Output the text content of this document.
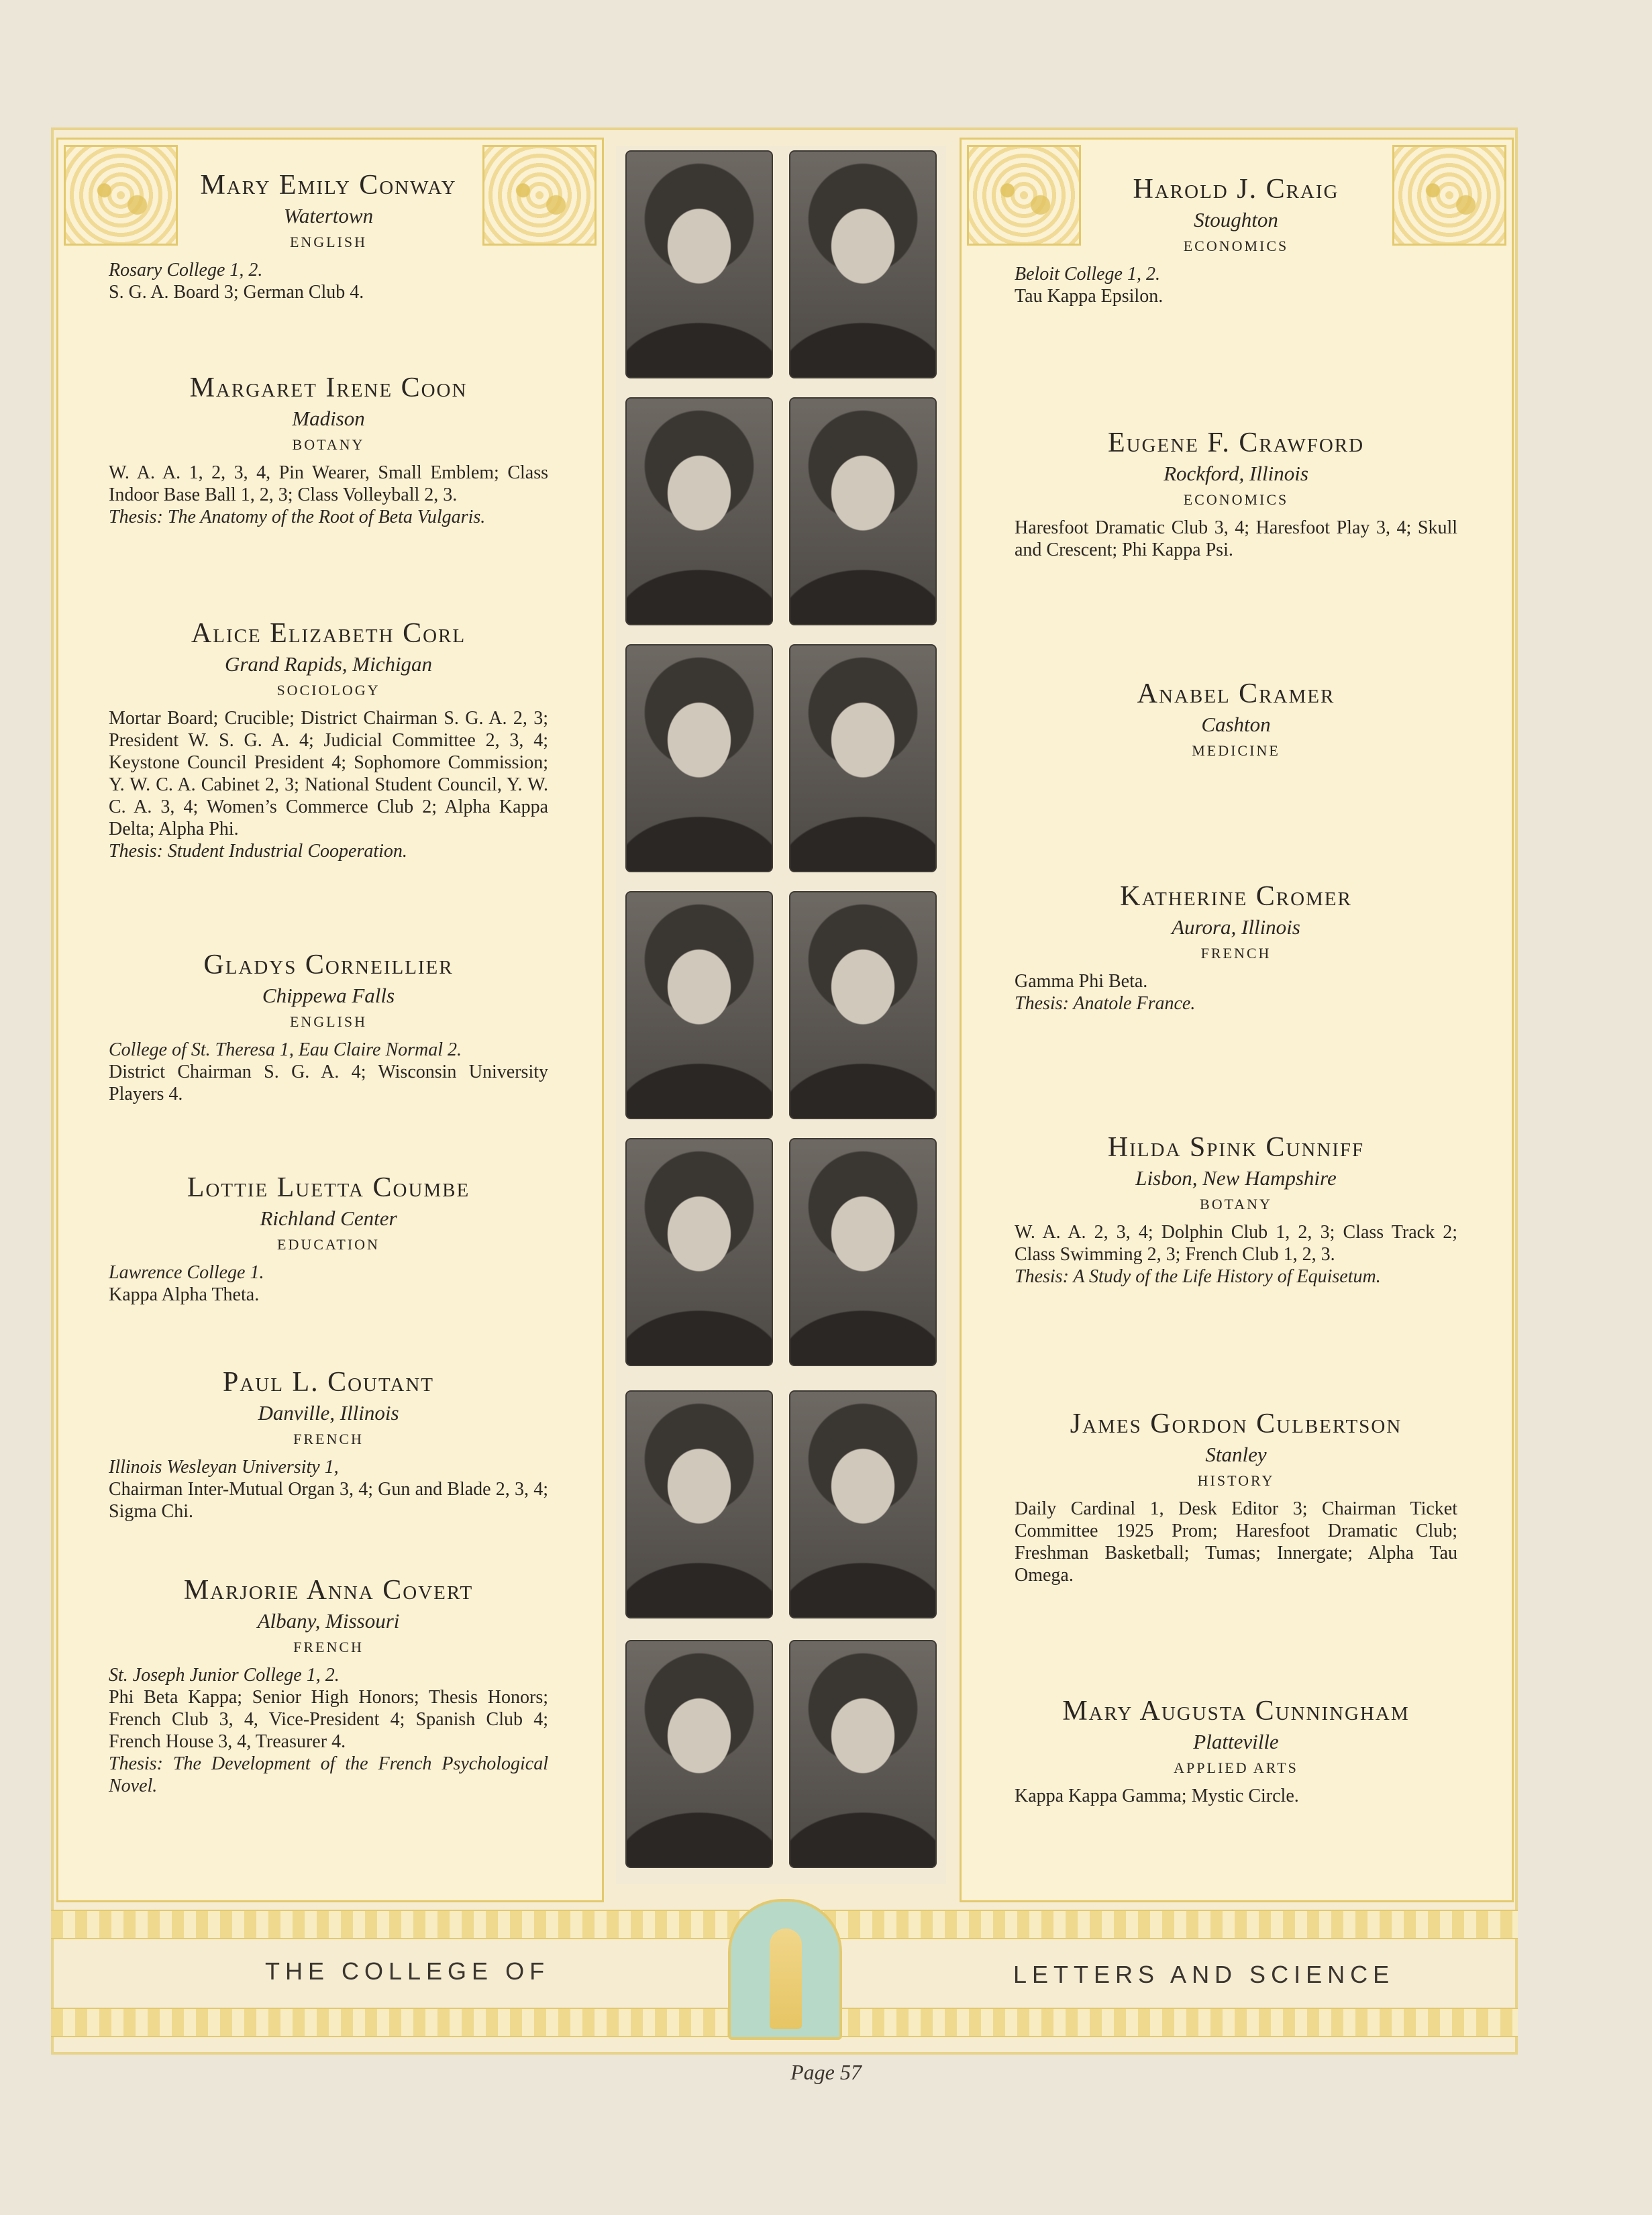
Mary Emily Conway

Watertown

ENGLISH

Rosary College 1, 2.

S. G. A. Board 3; German Club 4.

Margaret Irene Coon

Madison

BOTANY

W. A. A. 1, 2, 3, 4, Pin Wearer, Small Emblem; Class Indoor Base Ball 1, 2, 3; Class Volleyball 2, 3.

Thesis: The Anatomy of the Root of Beta Vulgaris.

Alice Elizabeth Corl

Grand Rapids, Michigan

SOCIOLOGY

Mortar Board; Crucible; District Chairman S. G. A. 2, 3; President W. S. G. A. 4; Judicial Committee 2, 3, 4; Keystone Council President 4; Sophomore Commission; Y. W. C. A. Cabinet 2, 3; National Student Council, Y. W. C. A. 3, 4; Women’s Commerce Club 2; Alpha Kappa Delta; Alpha Phi.

Thesis: Student Industrial Cooperation.

Gladys Corneillier

Chippewa Falls

ENGLISH

College of St. Theresa 1, Eau Claire Normal 2.

District Chairman S. G. A. 4; Wisconsin University Players 4.

Lottie Luetta Coumbe

Richland Center

EDUCATION

Lawrence College 1.

Kappa Alpha Theta.

Paul L. Coutant

Danville, Illinois

FRENCH

Illinois Wesleyan University 1,

Chairman Inter-Mutual Organ 3, 4; Gun and Blade 2, 3, 4; Sigma Chi.

Marjorie Anna Covert

Albany, Missouri

FRENCH

St. Joseph Junior College 1, 2.

Phi Beta Kappa; Senior High Honors; Thesis Honors; French Club 3, 4, Vice-President 4; Spanish Club 4; French House 3, 4, Treasurer 4.

Thesis: The Development of the French Psychological Novel.

Harold J. Craig

Stoughton

ECONOMICS

Beloit College 1, 2.

Tau Kappa Epsilon.

Eugene F. Crawford

Rockford, Illinois

ECONOMICS

Haresfoot Dramatic Club 3, 4; Haresfoot Play 3, 4; Skull and Crescent; Phi Kappa Psi.

Anabel Cramer

Cashton

MEDICINE

Katherine Cromer

Aurora, Illinois

FRENCH

Gamma Phi Beta.

Thesis: Anatole France.

Hilda Spink Cunniff

Lisbon, New Hampshire

BOTANY

W. A. A. 2, 3, 4; Dolphin Club 1, 2, 3; Class Track 2; Class Swimming 2, 3; French Club 1, 2, 3.

Thesis: A Study of the Life History of Equisetum.

James Gordon Culbertson

Stanley

HISTORY

Daily Cardinal 1, Desk Editor 3; Chairman Ticket Committee 1925 Prom; Haresfoot Dramatic Club; Freshman Basketball; Tumas; Innergate; Alpha Tau Omega.

Mary Augusta Cunningham

Platteville

APPLIED ARTS

Kappa Kappa Gamma; Mystic Circle.

THE COLLEGE OF	LETTERS AND SCIENCE
Page 57
